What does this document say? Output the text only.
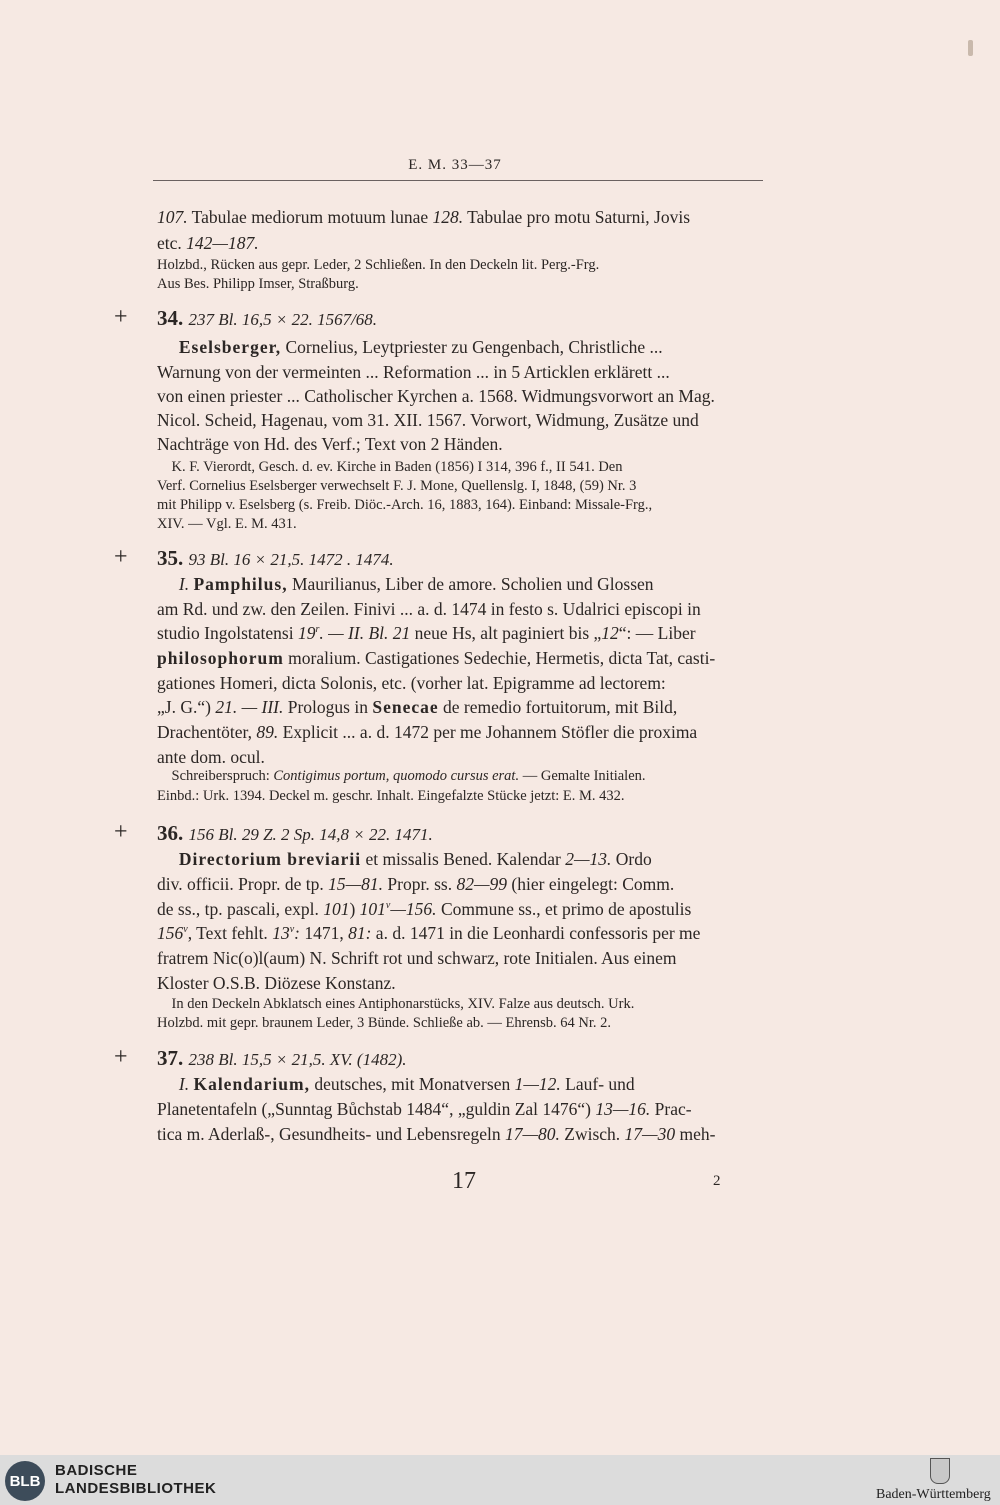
E. M. 33—37
107. Tabulae mediorum motuum lunae 128. Tabulae pro motu Saturni, Jovis
etc. 142—187.
Holzbd., Rücken aus gepr. Leder, 2 Schließen. In den Deckeln lit. Perg.-Frg.
Aus Bes. Philipp Imser, Straßburg.
Eselsberger, Cornelius, Leytpriester zu Gengenbach, Christliche ...
Warnung von der vermeinten ... Reformation ... in 5 Articklen erklärett ...
von einen priester ... Catholischer Kyrchen a. 1568. Widmungsvorwort an Mag.
Nicol. Scheid, Hagenau, vom 31. XII. 1567. Vorwort, Widmung, Zusätze und
Nachträge von Hd. des Verf.; Text von 2 Händen.
K. F. Vierordt, Gesch. d. ev. Kirche in Baden (1856) I 314, 396 f., II 541. Den
Verf. Cornelius Eselsberger verwechselt F. J. Mone, Quellenslg. I, 1848, (59) Nr. 3
mit Philipp v. Eselsberg (s. Freib. Diöc.-Arch. 16, 1883, 164). Einband: Missale-Frg.,
XIV. — Vgl. E. M. 431.
I. Pamphilus, Maurilianus, Liber de amore. Scholien und Glossen
am Rd. und zw. den Zeilen. Finivi ... a. d. 1474 in festo s. Udalrici episcopi in
studio Ingolstatensi 19$^r$. — II. Bl. 21 neue Hs, alt paginiert bis „12“: — Liber
philosophorum moralium. Castigationes Sedechie, Hermetis, dicta Tat, casti-
gationes Homeri, dicta Solonis, etc. (vorher lat. Epigramme ad lectorem:
„J. G.“) 21. — III. Prologus in Senecae de remedio fortuitorum, mit Bild,
Drachentöter, 89. Explicit ... a. d. 1472 per me Johannem Stöfler die proxima
ante dom. ocul.
Schreiberspruch: Contigimus portum, quomodo cursus erat. — Gemalte Initialen.
Einbd.: Urk. 1394. Deckel m. geschr. Inhalt. Eingefalzte Stücke jetzt: E. M. 432.
Directorium breviarii et missalis Bened. Kalendar 2—13. Ordo
div. officii. Propr. de tp. 15—81. Propr. ss. 82—99 (hier eingelegt: Comm.
de ss., tp. pascali, expl. 101) 101$^v$—156. Commune ss., et primo de apostulis
156$^v$, Text fehlt. 13$^v$: 1471, 81: a. d. 1471 in die Leonhardi confessoris per me
fratrem Nic(o)l(aum) N. Schrift rot und schwarz, rote Initialen. Aus einem
Kloster O.S.B. Diözese Konstanz.
In den Deckeln Abklatsch eines Antiphonarstücks, XIV. Falze aus deutsch. Urk.
Holzbd. mit gepr. braunem Leder, 3 Bünde. Schließe ab. — Ehrensb. 64 Nr. 2.
I. Kalendarium, deutsches, mit Monatversen 1—12. Lauf- und
Planetentafeln („Sunntag Bůchstab 1484“, „guldin Zal 1476“) 13—16. Prac-
tica m. Aderlaß-, Gesundheits- und Lebensregeln 17—80. Zwisch. 17—30 meh-
+ 34. 237 Bl. 16,5 × 22. 1567/68.
+ 35. 93 Bl. 16 × 21,5. 1472 . 1474.
+ 36. 156 Bl. 29 Z. 2 Sp. 14,8 × 22. 1471.
+ 37. 238 Bl. 15,5 × 21,5. XV. (1482).
17	2
BLB
BADISCHE
LANDESBIBLIOTHEK	Baden-Württemberg
